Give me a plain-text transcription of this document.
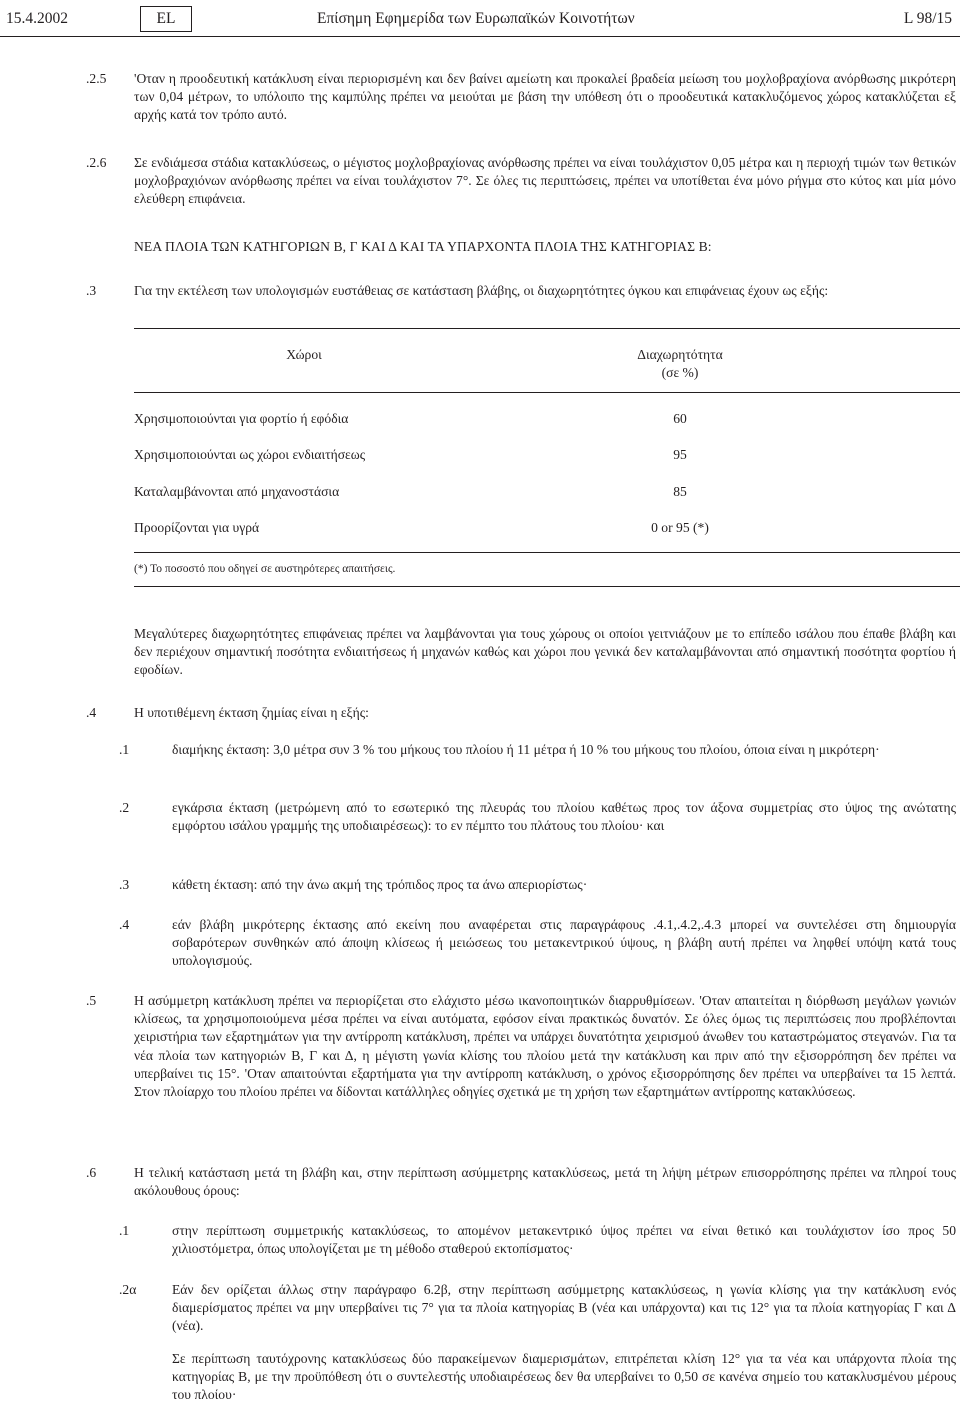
15.4.2002	EL	Επίσημη Εφημερίδα των Ευρωπαϊκών Κοινοτήτων	L 98/15
.2.5 'Οταν η προοδευτική κατάκλυση είναι περιορισμένη και δεν βαίνει αμείωτη και προκαλεί βραδεία μείωση του μοχλοβραχίονα ανόρθωσης μικρότερη των 0,04 μέτρων, το υπόλοιπο της καμπύλης πρέπει να μειούται με βάση την υπόθεση ότι ο προοδευτικά κατακλυζόμενος χώρος κατακλύζεται εξ αρχής κατά τον τρόπο αυτό.

.2.6 Σε ενδιάμεσα στάδια κατακλύσεως, ο μέγιστος μοχλοβραχίονας ανόρθωσης πρέπει να είναι τουλάχιστον 0,05 μέτρα και η περιοχή τιμών των θετικών μοχλοβραχιόνων ανόρθωσης πρέπει να είναι τουλάχιστον 7°. Σε όλες τις περιπτώσεις, πρέπει να υποτίθεται ένα μόνο ρήγμα στο κύτος και μία μόνο ελεύθερη επιφάνεια.

ΝΕΑ ΠΛΟΙΑ ΤΩΝ ΚΑΤΗΓΟΡΙΩΝ Β, Γ ΚΑΙ Δ ΚΑΙ ΤΑ ΥΠΑΡΧΟΝΤΑ ΠΛΟΙΑ ΤΗΣ ΚΑΤΗΓΟΡΙΑΣ Β:
.3	Για την εκτέλεση των υπολογισμών ευστάθειας σε κατάσταση βλάβης, οι διαχωρητότητες όγκου και επιφάνειας έχουν ως εξής:

Χώροι	Διαχωρητότητα
(σε %)
Χρησιμοποιούνται για φορτίο ή εφόδια	60
Χρησιμοποιούνται ως χώροι ενδιαιτήσεως	95
Καταλαμβάνονται από μηχανοστάσια	85
Προορίζονται για υγρά	0 or 95 (*)
(*) Το ποσοστό που οδηγεί σε αυστηρότερες απαιτήσεις.

Μεγαλύτερες διαχωρητότητες επιφάνειας πρέπει να λαμβάνονται για τους χώρους οι οποίοι γειτνιάζουν με το επίπεδο ισάλου που έπαθε βλάβη και δεν περιέχουν σημαντική ποσότητα ενδιαιτήσεως ή μηχανών καθώς και χώροι που γενικά δεν καταλαμβάνονται από σημαντική ποσότητα φορτίου ή εφοδίων.

.4	Η υποτιθέμενη έκταση ζημίας είναι η εξής:

.1	διαμήκης έκταση: 3,0 μέτρα συν 3 % του μήκους του πλοίου ή 11 μέτρα ή 10 % του μήκους του πλοίου, όποια είναι η μικρότερη·

.2	εγκάρσια έκταση (μετρώμενη από το εσωτερικό της πλευράς του πλοίου καθέτως προς τον άξονα συμμετρίας στο ύψος της ανώτατης εμφόρτου ισάλου γραμμής της υποδιαιρέσεως): το εν πέμπτο του πλάτους του πλοίου· και

.3	κάθετη έκταση: από την άνω ακμή της τρόπιδος προς τα άνω απεριορίστως·

.4	εάν βλάβη μικρότερης έκτασης από εκείνη που αναφέρεται στις παραγράφους .4.1,.4.2,.4.3 μπορεί να συντελέσει στη δημιουργία σοβαρότερων συνθηκών από άποψη κλίσεως ή μειώσεως του μετακεντρικού ύψους, η βλάβη αυτή πρέπει να ληφθεί υπόψη κατά τους υπολογισμούς.

.5	Η ασύμμετρη κατάκλυση πρέπει να περιορίζεται στο ελάχιστο μέσω ικανοποιητικών διαρρυθμίσεων. 'Οταν απαιτείται η διόρθωση μεγάλων γωνιών κλίσεως, τα χρησιμοποιούμενα μέσα πρέπει να είναι αυτόματα, εφόσον είναι πρακτικώς δυνατόν. Σε όλες όμως τις περιπτώσεις που προβλέπονται χειριστήρια των εξαρτημάτων για την αντίρροπη κατάκλυση, πρέπει να υπάρχει δυνατότητα χειρισμού άνωθεν του καταστρώματος στεγανών. Για τα νέα πλοία των κατηγοριών Β, Γ και Δ, η μέγιστη γωνία κλίσης του πλοίου μετά την κατάκλυση και πριν από την εξισορρόπηση δεν πρέπει να υπερβαίνει τις 15°. 'Οταν απαιτούνται εξαρτήματα για την αντίρροπη κατάκλυση, ο χρόνος εξισορρόπησης δεν πρέπει να υπερβαίνει τα 15 λεπτά. Στον πλοίαρχο του πλοίου πρέπει να δίδονται κατάλληλες οδηγίες σχετικά με τη χρήση των εξαρτημάτων αντίρροπης κατακλύσεως.

.6	Η τελική κατάσταση μετά τη βλάβη και, στην περίπτωση ασύμμετρης κατακλύσεως, μετά τη λήψη μέτρων επισορρόπησης πρέπει να πληροί τους ακόλουθους όρους:

.1	στην περίπτωση συμμετρικής κατακλύσεως, το απομένον μετακεντρικό ύψος πρέπει να είναι θετικό και τουλάχιστον ίσο προς 50 χιλιοστόμετρα, όπως υπολογίζεται με τη μέθοδο σταθερού εκτοπίσματος·

.2α	Εάν δεν ορίζεται άλλως στην παράγραφο 6.2β, στην περίπτωση ασύμμετρης κατακλύσεως, η γωνία κλίσης για την κατάκλυση ενός διαμερίσματος πρέπει να μην υπερβαίνει τις 7° για τα πλοία κατηγορίας Β (νέα και υπάρχοντα) και τις 12° για τα πλοία κατηγορίας Γ και Δ (νέα).

Σε περίπτωση ταυτόχρονης κατακλύσεως δύο παρακείμενων διαμερισμάτων, επιτρέπεται κλίση 12° για τα νέα και υπάρχοντα πλοία της κατηγορίας Β, με την προϋπόθεση ότι ο συντελεστής υποδιαιρέσεως δεν θα υπερβαίνει το 0,50 σε κανένα σημείο του κατακλυσμένου μέρους του πλοίου·
